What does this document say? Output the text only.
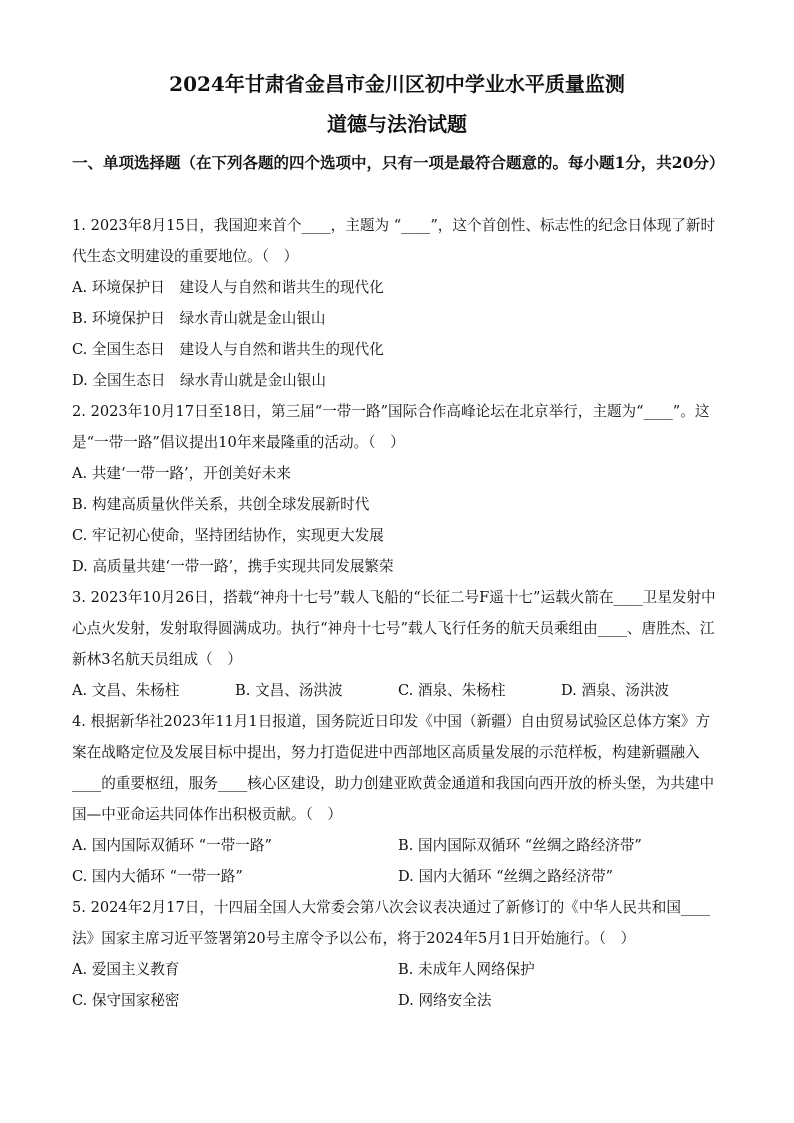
2024年甘肃省金昌市金川区初中学业水平质量监测
道德与法治试题
一、单项选择题（在下列各题的四个选项中，只有一项是最符合题意的。每小题1分，共20分）
1. 2023年8月15日，我国迎来首个____，主题为 “____”，这个首创性、标志性的纪念日体现了新时代生态文明建设的重要地位。（　）
A. 环境保护日　建设人与自然和谐共生的现代化
B. 环境保护日　绿水青山就是金山银山
C. 全国生态日　建设人与自然和谐共生的现代化
D. 全国生态日　绿水青山就是金山银山
2. 2023年10月17日至18日，第三届“一带一路”国际合作高峰论坛在北京举行，主题为“____”。这是“一带一路”倡议提出10年来最隆重的活动。（　）
A. 共建‘一带一路’，开创美好未来
B. 构建高质量伙伴关系，共创全球发展新时代
C. 牢记初心使命，坚持团结协作，实现更大发展
D. 高质量共建‘一带一路’，携手实现共同发展繁荣
3. 2023年10月26日，搭载“神舟十七号”载人飞船的“长征二号F遥十七”运载火箭在____卫星发射中心点火发射，发射取得圆满成功。执行“神舟十七号”载人飞行任务的航天员乘组由____、唐胜杰、江新林3名航天员组成（　）
A. 文昌、朱杨柱	B. 文昌、汤洪波	C. 酒泉、朱杨柱	D. 酒泉、汤洪波
4. 根据新华社2023年11月1日报道，国务院近日印发《中国（新疆）自由贸易试验区总体方案》方案在战略定位及发展目标中提出，努力打造促进中西部地区高质量发展的示范样板，构建新疆融入____的重要枢纽，服务____核心区建设，助力创建亚欧黄金通道和我国向西开放的桥头堡，为共建中国—中亚命运共同体作出积极贡献。（　）
A. 国内国际双循环 “一带一路”	B. 国内国际双循环 “丝绸之路经济带”
C. 国内大循环 “一带一路”	D. 国内大循环 “丝绸之路经济带”
5. 2024年2月17日，十四届全国人大常委会第八次会议表决通过了新修订的《中华人民共和国____法》国家主席习近平签署第20号主席令予以公布，将于2024年5月1日开始施行。（　）
A. 爱国主义教育	B. 未成年人网络保护
C. 保守国家秘密	D. 网络安全法
